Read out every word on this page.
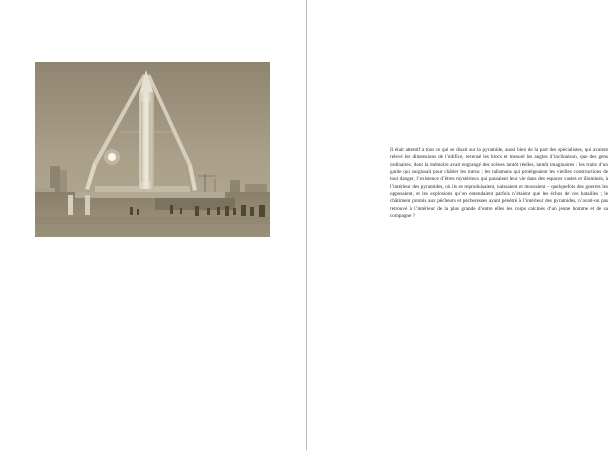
Il était attentif à tout ce qui se disait sur la pyramide, aussi bien de la part des spécialistes, qui avaient relevé les dimensions de l’édifice, recensé les blocs et mesuré les angles d’inclinaison, que des gens ordinaires, dont la mémoire avait engrangé des scènes tantôt réelles, tantôt imaginaires : les traits d’un garde qui surgissait pour châtier les intrus ; les talismans qui protégeaient les vieilles constructions de tout danger, l’existence d’êtres mystérieux qui passaient leur vie dans des espaces vastes et illuminés, à l’intérieur des pyramides, où ils se reproduisaient, naissaient et mouraient – quelquefois des guerres les opposaient, et les explosions qu’on entendaient parfois n’étaient que les échos de ces batailles ; le châtiment promis aux pêcheurs et pécheresses ayant pénétré à l’intérieur des pyramides, n’avait-on pas retrouvé à l’intérieur de la plus grande d’entre elles les corps calcinés d’un jeune homme et de sa compagne ?
